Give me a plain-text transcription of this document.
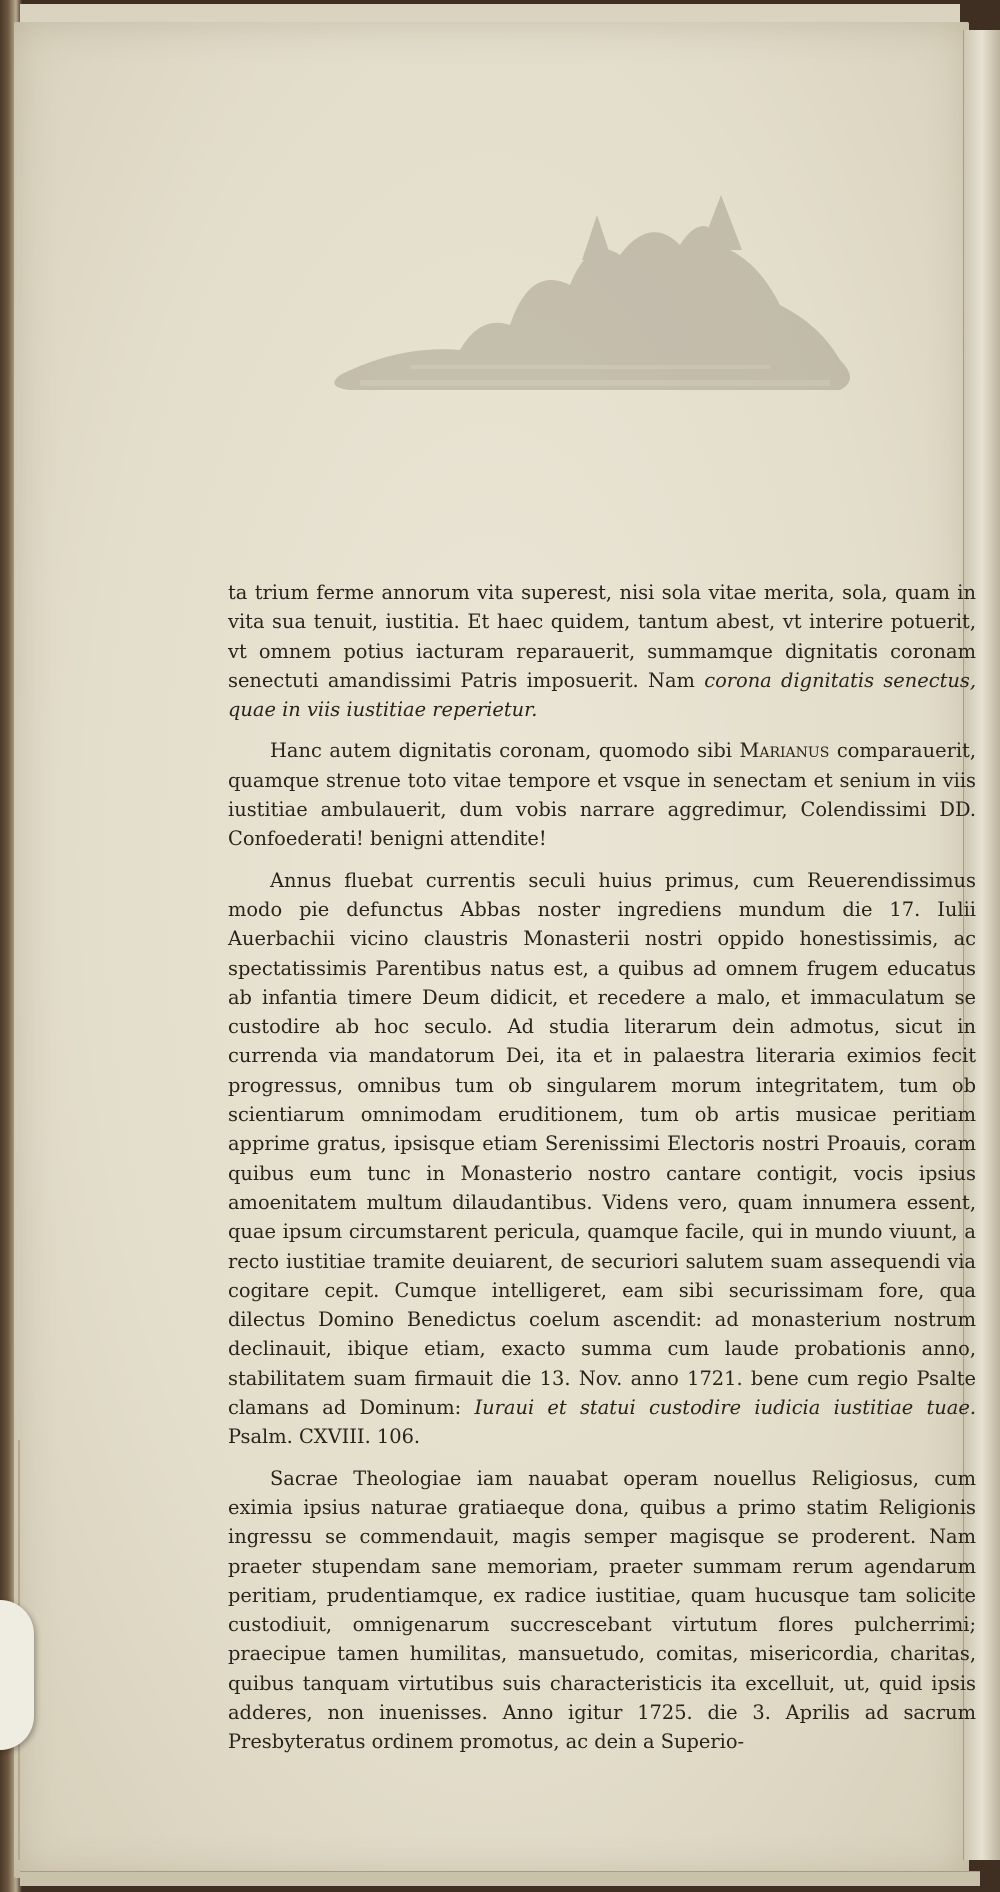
ta trium ferme annorum vita superest, nisi sola vitae merita, sola, quam in vita sua tenuit, iustitia. Et haec quidem, tantum abest, vt interire potuerit, vt omnem potius iacturam reparauerit, summamque dignitatis coronam senectuti amandissimi Patris imposuerit. Nam corona dignitatis senectus, quae in viis iustitiae reperietur.

Hanc autem dignitatis coronam, quomodo sibi Marianus comparauerit, quamque strenue toto vitae tempore et vsque in senectam et senium in viis iustitiae ambulauerit, dum vobis narrare aggredimur, Colendissimi DD. Confoederati! benigni attendite!

Annus fluebat currentis seculi huius primus, cum Reuerendissimus modo pie defunctus Abbas noster ingrediens mundum die 17. Iulii Auerbachii vicino claustris Monasterii nostri oppido honestissimis, ac spectatissimis Parentibus natus est, a quibus ad omnem frugem educatus ab infantia timere Deum didicit, et recedere a malo, et immaculatum se custodire ab hoc seculo. Ad studia literarum dein admotus, sicut in currenda via mandatorum Dei, ita et in palaestra literaria eximios fecit progressus, omnibus tum ob singularem morum integritatem, tum ob scientiarum omnimodam eruditionem, tum ob artis musicae peritiam apprime gratus, ipsisque etiam Serenissimi Electoris nostri Proauis, coram quibus eum tunc in Monasterio nostro cantare contigit, vocis ipsius amoenitatem multum dilaudantibus. Videns vero, quam innumera essent, quae ipsum circumstarent pericula, quamque facile, qui in mundo viuunt, a recto iustitiae tramite deuiarent, de securiori salutem suam assequendi via cogitare cepit. Cumque intelligeret, eam sibi securissimam fore, qua dilectus Domino Benedictus coelum ascendit: ad monasterium nostrum declinauit, ibique etiam, exacto summa cum laude probationis anno, stabilitatem suam firmauit die 13. Nov. anno 1721. bene cum regio Psalte clamans ad Dominum: Iuraui et statui custodire iudicia iustitiae tuae. Psalm. CXVIII. 106.

Sacrae Theologiae iam nauabat operam nouellus Religiosus, cum eximia ipsius naturae gratiaeque dona, quibus a primo statim Religionis ingressu se commendauit, magis semper magisque se proderent. Nam praeter stupendam sane memoriam, praeter summam rerum agendarum peritiam, prudentiamque, ex radice iustitiae, quam hucusque tam solicite custodiuit, omnigenarum succrescebant virtutum flores pulcherrimi; praecipue tamen humilitas, mansuetudo, comitas, misericordia, charitas, quibus tanquam virtutibus suis characteristicis ita excelluit, ut, quid ipsis adderes, non inuenisses. Anno igitur 1725. die 3. Aprilis ad sacrum Presbyteratus ordinem promotus, ac dein a Superio-
